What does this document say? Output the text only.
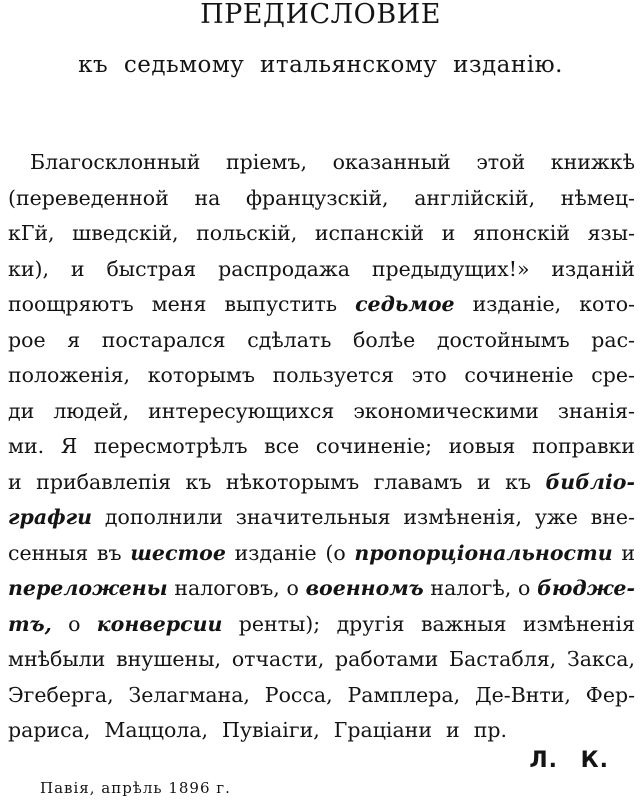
ПРЕДИСЛОВИЕ
къ седьмому итальянскому изданію.
Благосклонный пріемъ, оказанный этой книжкѣ
(переведенной на французскій, англійскій, нѣмец-
кГй, шведскій, польскій, испанскій и японскій язы-
ки), и быстрая распродажа предыдущих!» изданій
поощряютъ меня выпустить седьмое изданіе, кото-
рое я постарался сдѣлать болѣе достойнымъ рас-
положенія, которымъ пользуется это сочиненіе сре-
ди людей, интересующихся экономическими знанія-
ми. Я пересмотрѣлъ все сочиненіе; иовыя поправки
и прибавлепія къ нѣкоторымъ главамъ и къ библіо-
графги дополнили значительныя измѣненія, уже вне-
сенныя въ шестое изданіе (о пропорціональности и
переложены налоговъ, о военномъ налогѣ, о бюдже-
тъ, о конверсии ренты); другія важныя измѣненія
мнѣбыли внушены, отчасти, работами Бастабля, Закса,
Эгеберга, Зелагмана, Росса, Рамплера, Де-Внти, Фер-
рариса, Маццола, Пувіаіги, Граціани и пр.
Л. К.
Павія, апрѣль 1896 г.
